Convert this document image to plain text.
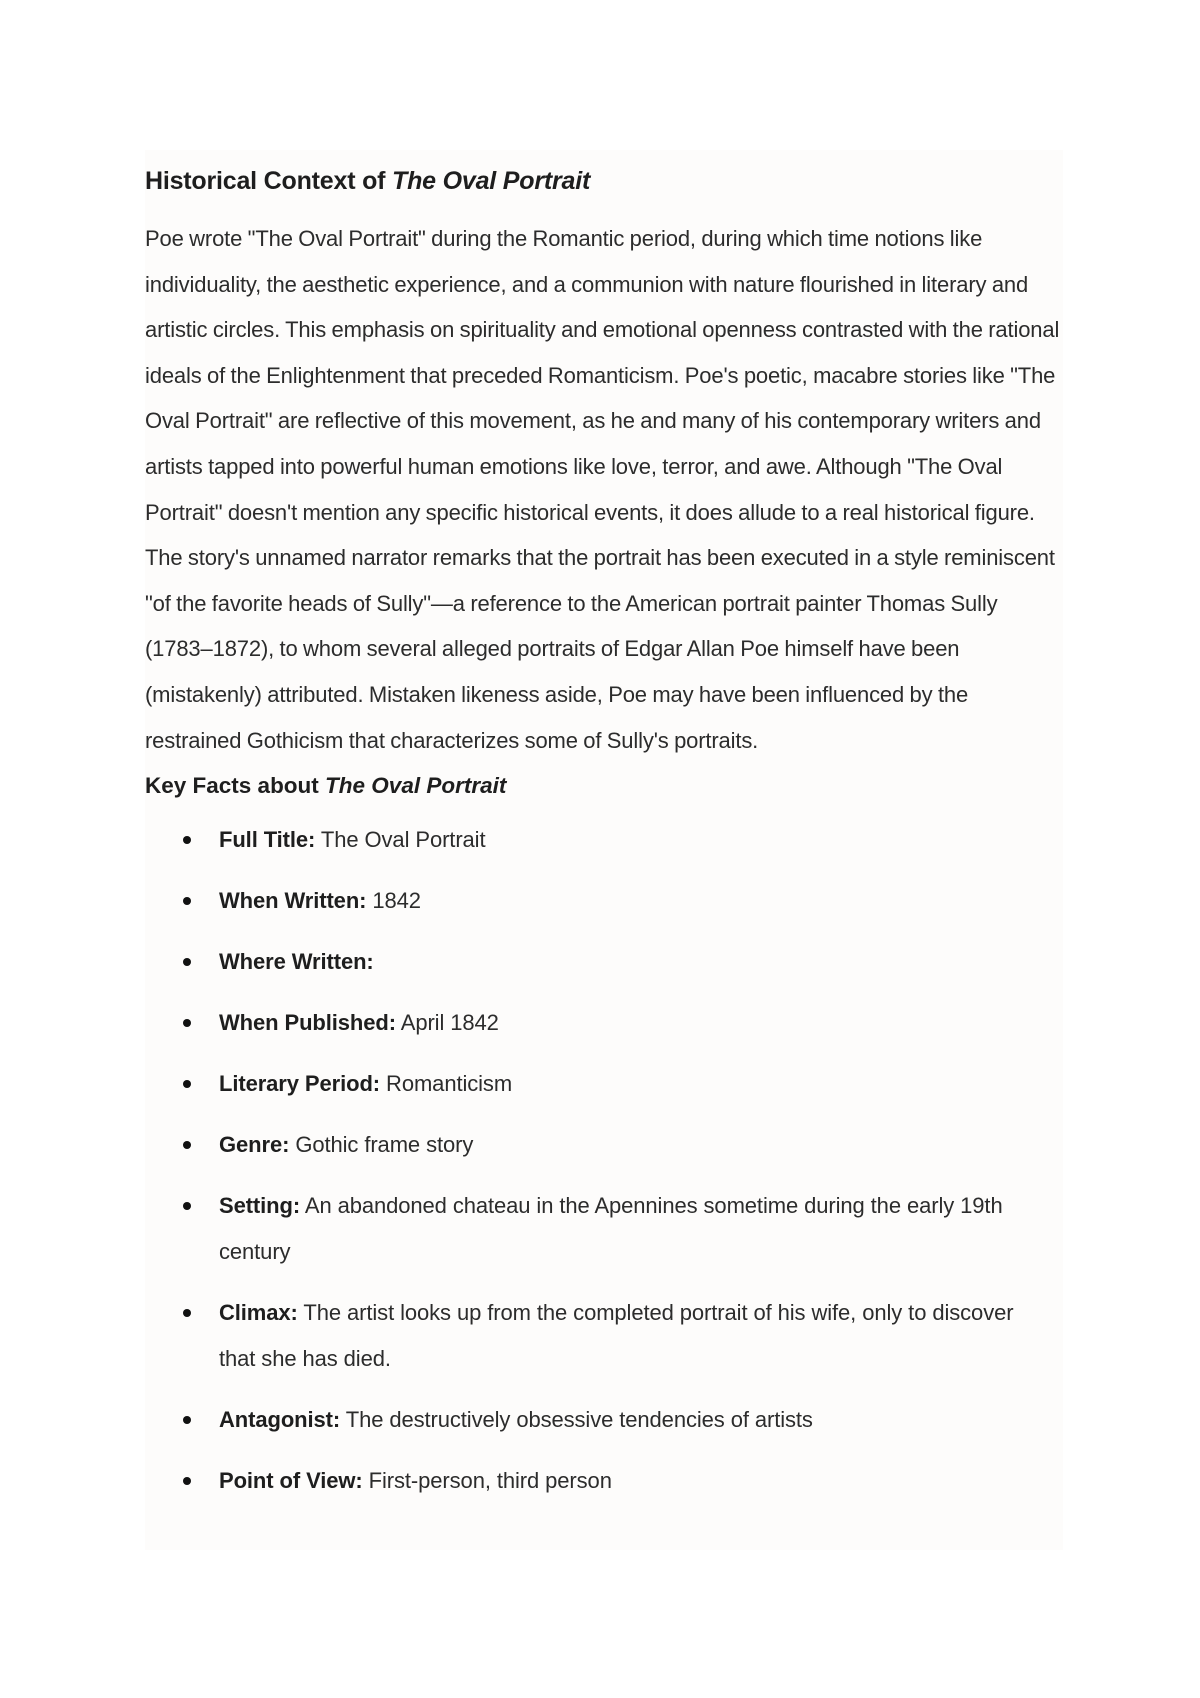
Historical Context of The Oval Portrait

Poe wrote "The Oval Portrait" during the Romantic period, during which time notions like individuality, the aesthetic experience, and a communion with nature flourished in literary and artistic circles. This emphasis on spirituality and emotional openness contrasted with the rational ideals of the Enlightenment that preceded Romanticism. Poe's poetic, macabre stories like "The Oval Portrait" are reflective of this movement, as he and many of his contemporary writers and artists tapped into powerful human emotions like love, terror, and awe. Although "The Oval Portrait" doesn't mention any specific historical events, it does allude to a real historical figure. The story's unnamed narrator remarks that the portrait has been executed in a style reminiscent "of the favorite heads of Sully"—a reference to the American portrait painter Thomas Sully (1783–1872), to whom several alleged portraits of Edgar Allan Poe himself have been (mistakenly) attributed. Mistaken likeness aside, Poe may have been influenced by the restrained Gothicism that characterizes some of Sully's portraits.

Key Facts about The Oval Portrait
Full Title: The Oval Portrait
When Written: 1842
Where Written:
When Published: April 1842
Literary Period: Romanticism
Genre: Gothic frame story
Setting: An abandoned chateau in the Apennines sometime during the early 19th century
Climax: The artist looks up from the completed portrait of his wife, only to discover that she has died.
Antagonist: The destructively obsessive tendencies of artists
Point of View: First-person, third person
